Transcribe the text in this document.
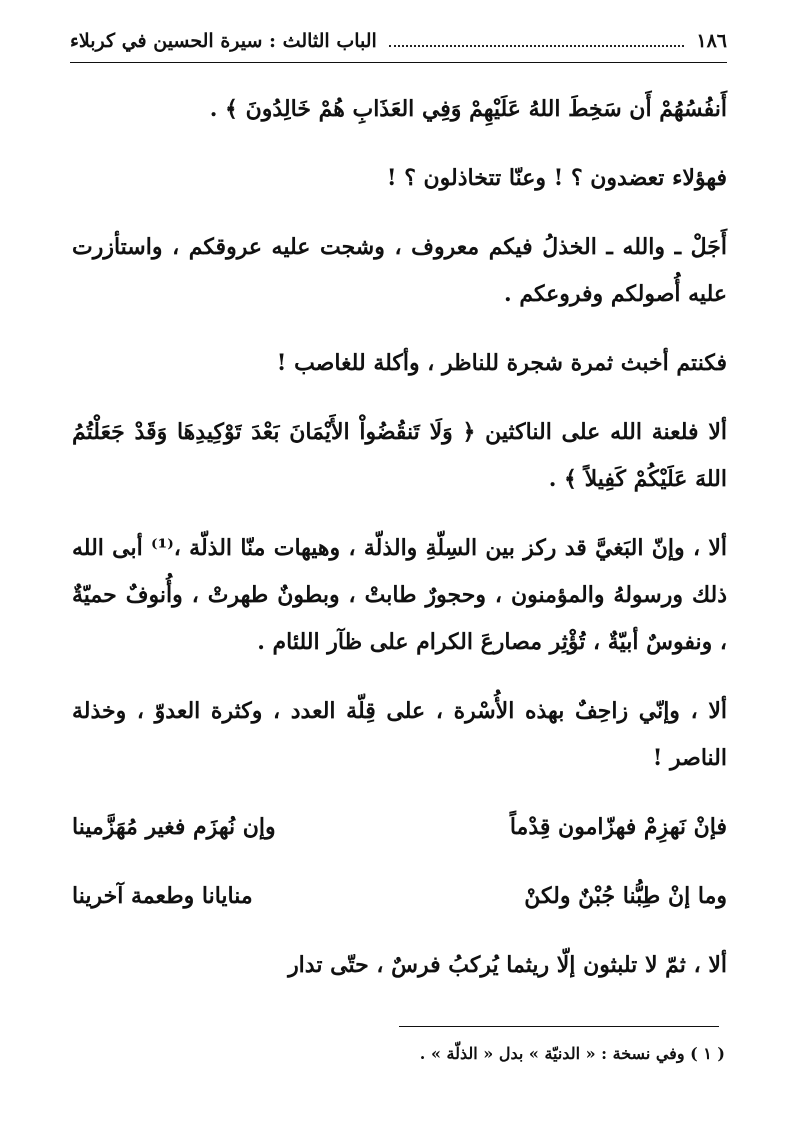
١٨٦
الباب الثالث : سيرة الحسين في كربلاء

أَنفُسُهُمْ أَن سَخِطَ اللهُ عَلَيْهِمْ وَفِي العَذَابِ هُمْ خَالِدُونَ ﴾ .

فهؤلاء تعضدون ؟ ! وعنّا تتخاذلون ؟ !

أَجَلْ ـ والله ـ الخذلُ فيكم معروف ، وشجت عليه عروقكم ، واستأزرت عليه أُصولكم وفروعكم .

فكنتم أخبث ثمرة شجرة للناظر ، وأكلة للغاصب !

ألا فلعنة الله على الناكثين ﴿ وَلَا تَنقُضُواْ الأَيْمَانَ بَعْدَ تَوْكِيدِهَا وَقَدْ جَعَلْتُمُ اللهَ عَلَيْكُمْ كَفِيلاً ﴾ .

ألا ، وإنّ البَغيَّ قد ركز بين السِلّةِ والذلّة ، وهيهات منّا الذلّة ،⁽¹⁾ أبى الله ذلك ورسولهُ والمؤمنون ، وحجورٌ طابتْ ، وبطونٌ طهرتْ ، وأُنوفٌ حميّةٌ ، ونفوسٌ أبيّةٌ ، تُؤْثِر مصارعَ الكرام على ظآر اللئام .

ألا ، وإنّي زاحِفٌ بهذه الأُسْرة ، على قِلّة العدد ، وكثرة العدوّ ، وخذلة الناصر !

فإنْ نَهزِمْ فهزّامون قِدْماً
وإن نُهزَم فغير مُهَزَّمينا
وما إنْ طِبُّنا جُبْنٌ ولكنْ
منايانا وطعمة آخرينا

ألا ، ثمّ لا تلبثون إلّا ريثما يُركبُ فرسٌ ، حتّى تدار

( ١ ) وفي نسخة : « الدنيّة » بدل « الذلّة » .
